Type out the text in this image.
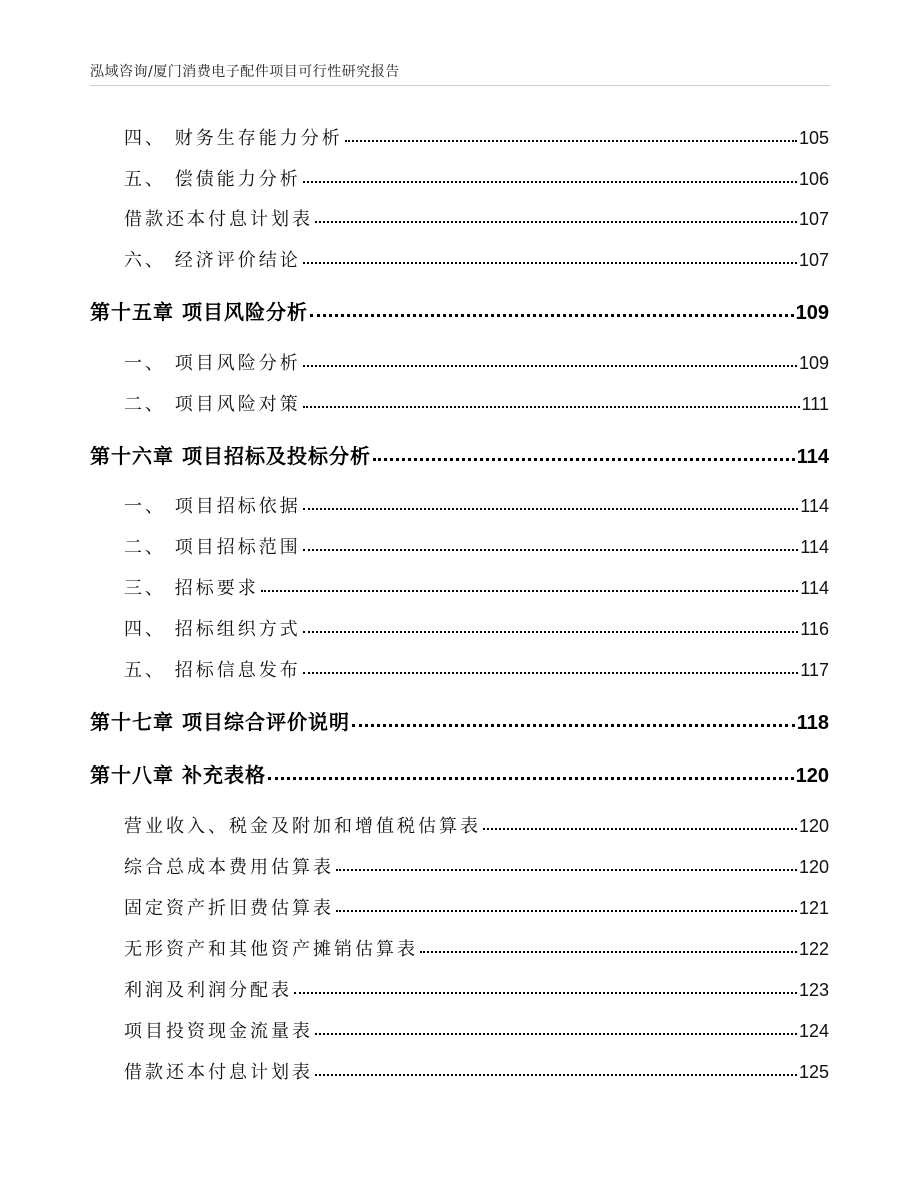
泓域咨询/厦门消费电子配件项目可行性研究报告
四、 财务生存能力分析	105
五、 偿债能力分析	106
借款还本付息计划表	107
六、 经济评价结论	107
第十五章 项目风险分析	109
一、 项目风险分析	109
二、 项目风险对策	111
第十六章 项目招标及投标分析	114
一、 项目招标依据	114
二、 项目招标范围	114
三、 招标要求	114
四、 招标组织方式	116
五、 招标信息发布	117
第十七章 项目综合评价说明	118
第十八章 补充表格	120
营业收入、税金及附加和增值税估算表	120
综合总成本费用估算表	120
固定资产折旧费估算表	121
无形资产和其他资产摊销估算表	122
利润及利润分配表	123
项目投资现金流量表	124
借款还本付息计划表	125
